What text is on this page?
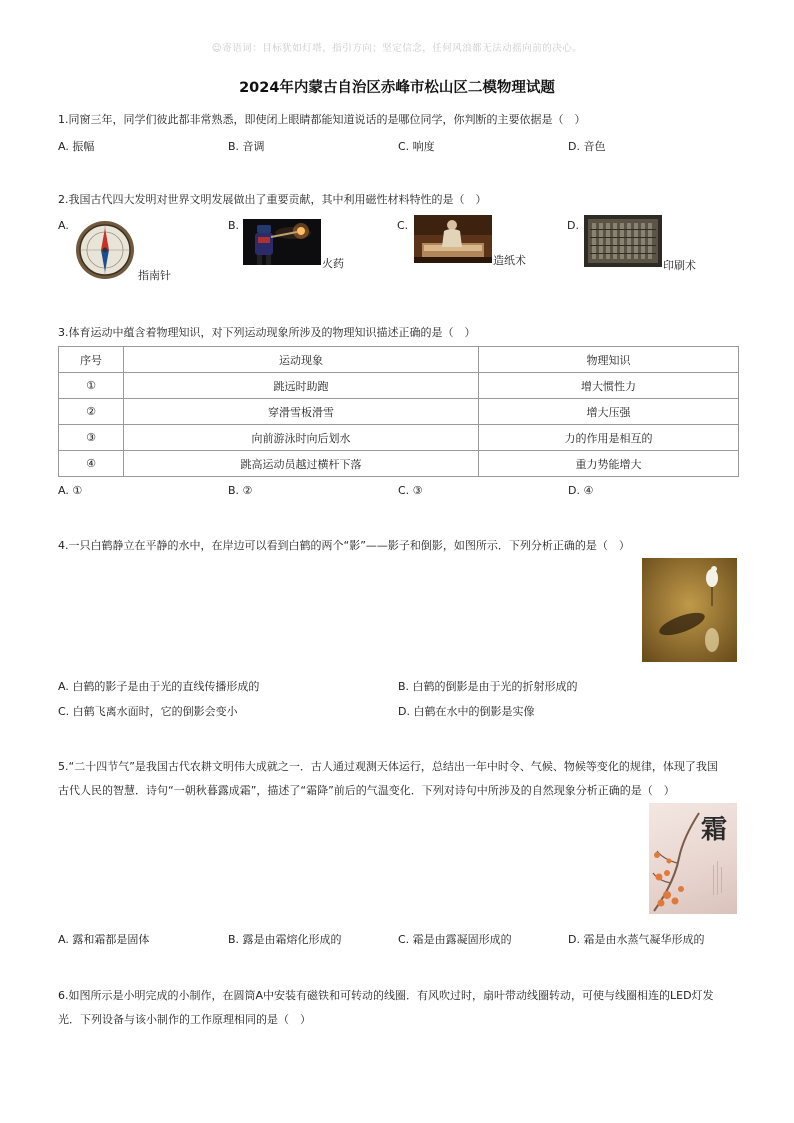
☺寄语词：目标犹如灯塔，指引方向；坚定信念，任何风浪都无法动摇向前的决心。
2024年内蒙古自治区赤峰市松山区二模物理试题
1.同窗三年，同学们彼此都非常熟悉，即使闭上眼睛都能知道说话的是哪位同学，你判断的主要依据是（　）
A. 振幅	B. 音调	C. 响度	D. 音色
2.我国古代四大发明对世界文明发展做出了重要贡献，其中利用磁性材料特性的是（　）
A.
指南针
B.
火药
C.
造纸术
D.
印刷术
3.体育运动中蕴含着物理知识，对下列运动现象所涉及的物理知识描述正确的是（　）
序号	运动现象	物理知识
①	跳远时助跑	增大惯性力
②	穿滑雪板滑雪	增大压强
③	向前游泳时向后划水	力的作用是相互的
④	跳高运动员越过横杆下落	重力势能增大
A. ①	B. ②	C. ③	D. ④
4.一只白鹤静立在平静的水中，在岸边可以看到白鹤的两个“影”——影子和倒影，如图所示．下列分析正确的是（　）
A. 白鹤的影子是由于光的直线传播形成的	B. 白鹤的倒影是由于光的折射形成的
C. 白鹤飞离水面时，它的倒影会变小	D. 白鹤在水中的倒影是实像
5.“二十四节气”是我国古代农耕文明伟大成就之一．古人通过观测天体运行，总结出一年中时令、气候、物候等变化的规律，体现了我国
古代人民的智慧．诗句“一朝秋暮露成霜”，描述了“霜降”前后的气温变化．下列对诗句中所涉及的自然现象分析正确的是（　）
霜
A. 露和霜都是固体	B. 露是由霜熔化形成的	C. 霜是由露凝固形成的	D. 霜是由水蒸气凝华形成的
6.如图所示是小明完成的小制作，在圆筒A中安装有磁铁和可转动的线圈．有风吹过时，扇叶带动线圈转动，可使与线圈相连的LED灯发
光．下列设备与该小制作的工作原理相同的是（　）
